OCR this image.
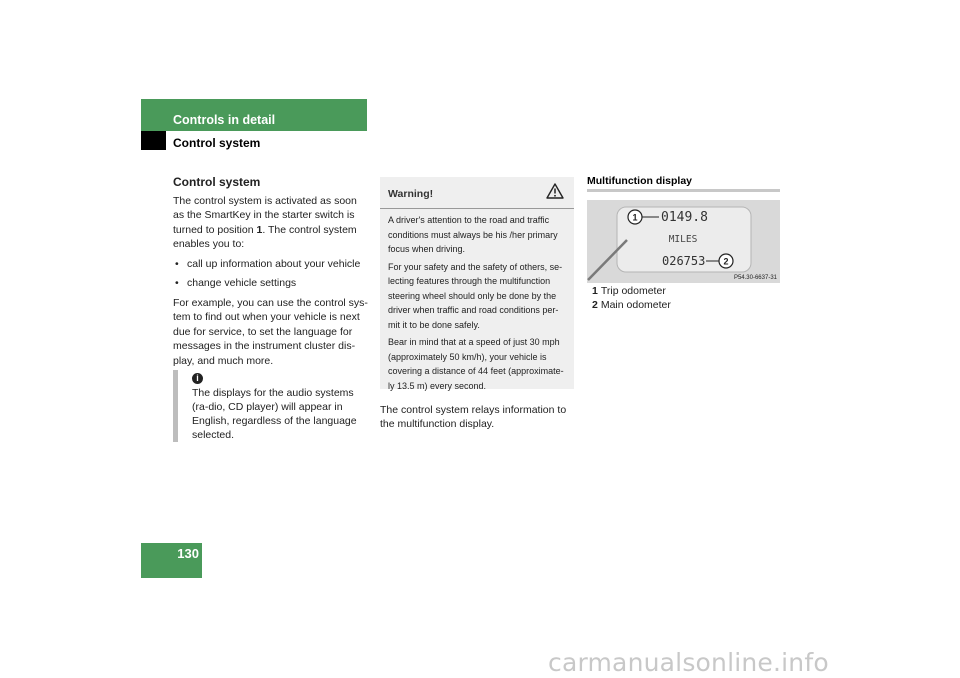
Controls in detail
Control system
Control system

The control system is activated as soon as the SmartKey in the starter switch is turned to position 1. The control system enables you to:

• call up information about your vehicle
• change vehicle settings

For example, you can use the control sys-tem to find out when your vehicle is next due for service, to set the language for messages in the instrument cluster dis-play, and much more.

i
The displays for the audio systems (ra-dio, CD player) will appear in English, regardless of the language selected.
Warning!

A driver's attention to the road and traffic conditions must always be his /her primary focus when driving.

For your safety and the safety of others, se-lecting features through the multifunction steering wheel should only be done by the driver when traffic and road conditions per-mit it to be done safely.

Bear in mind that at a speed of just 30 mph (approximately 50 km/h), your vehicle is covering a distance of 44 feet (approximate-ly 13.5 m) every second.

The control system relays information to the multifunction display.
Multifunction display
1 0149.8
MILES
026753 2
P54.30-6637-31
1 Trip odometer
2 Main odometer
130
carmanualsonline.info
